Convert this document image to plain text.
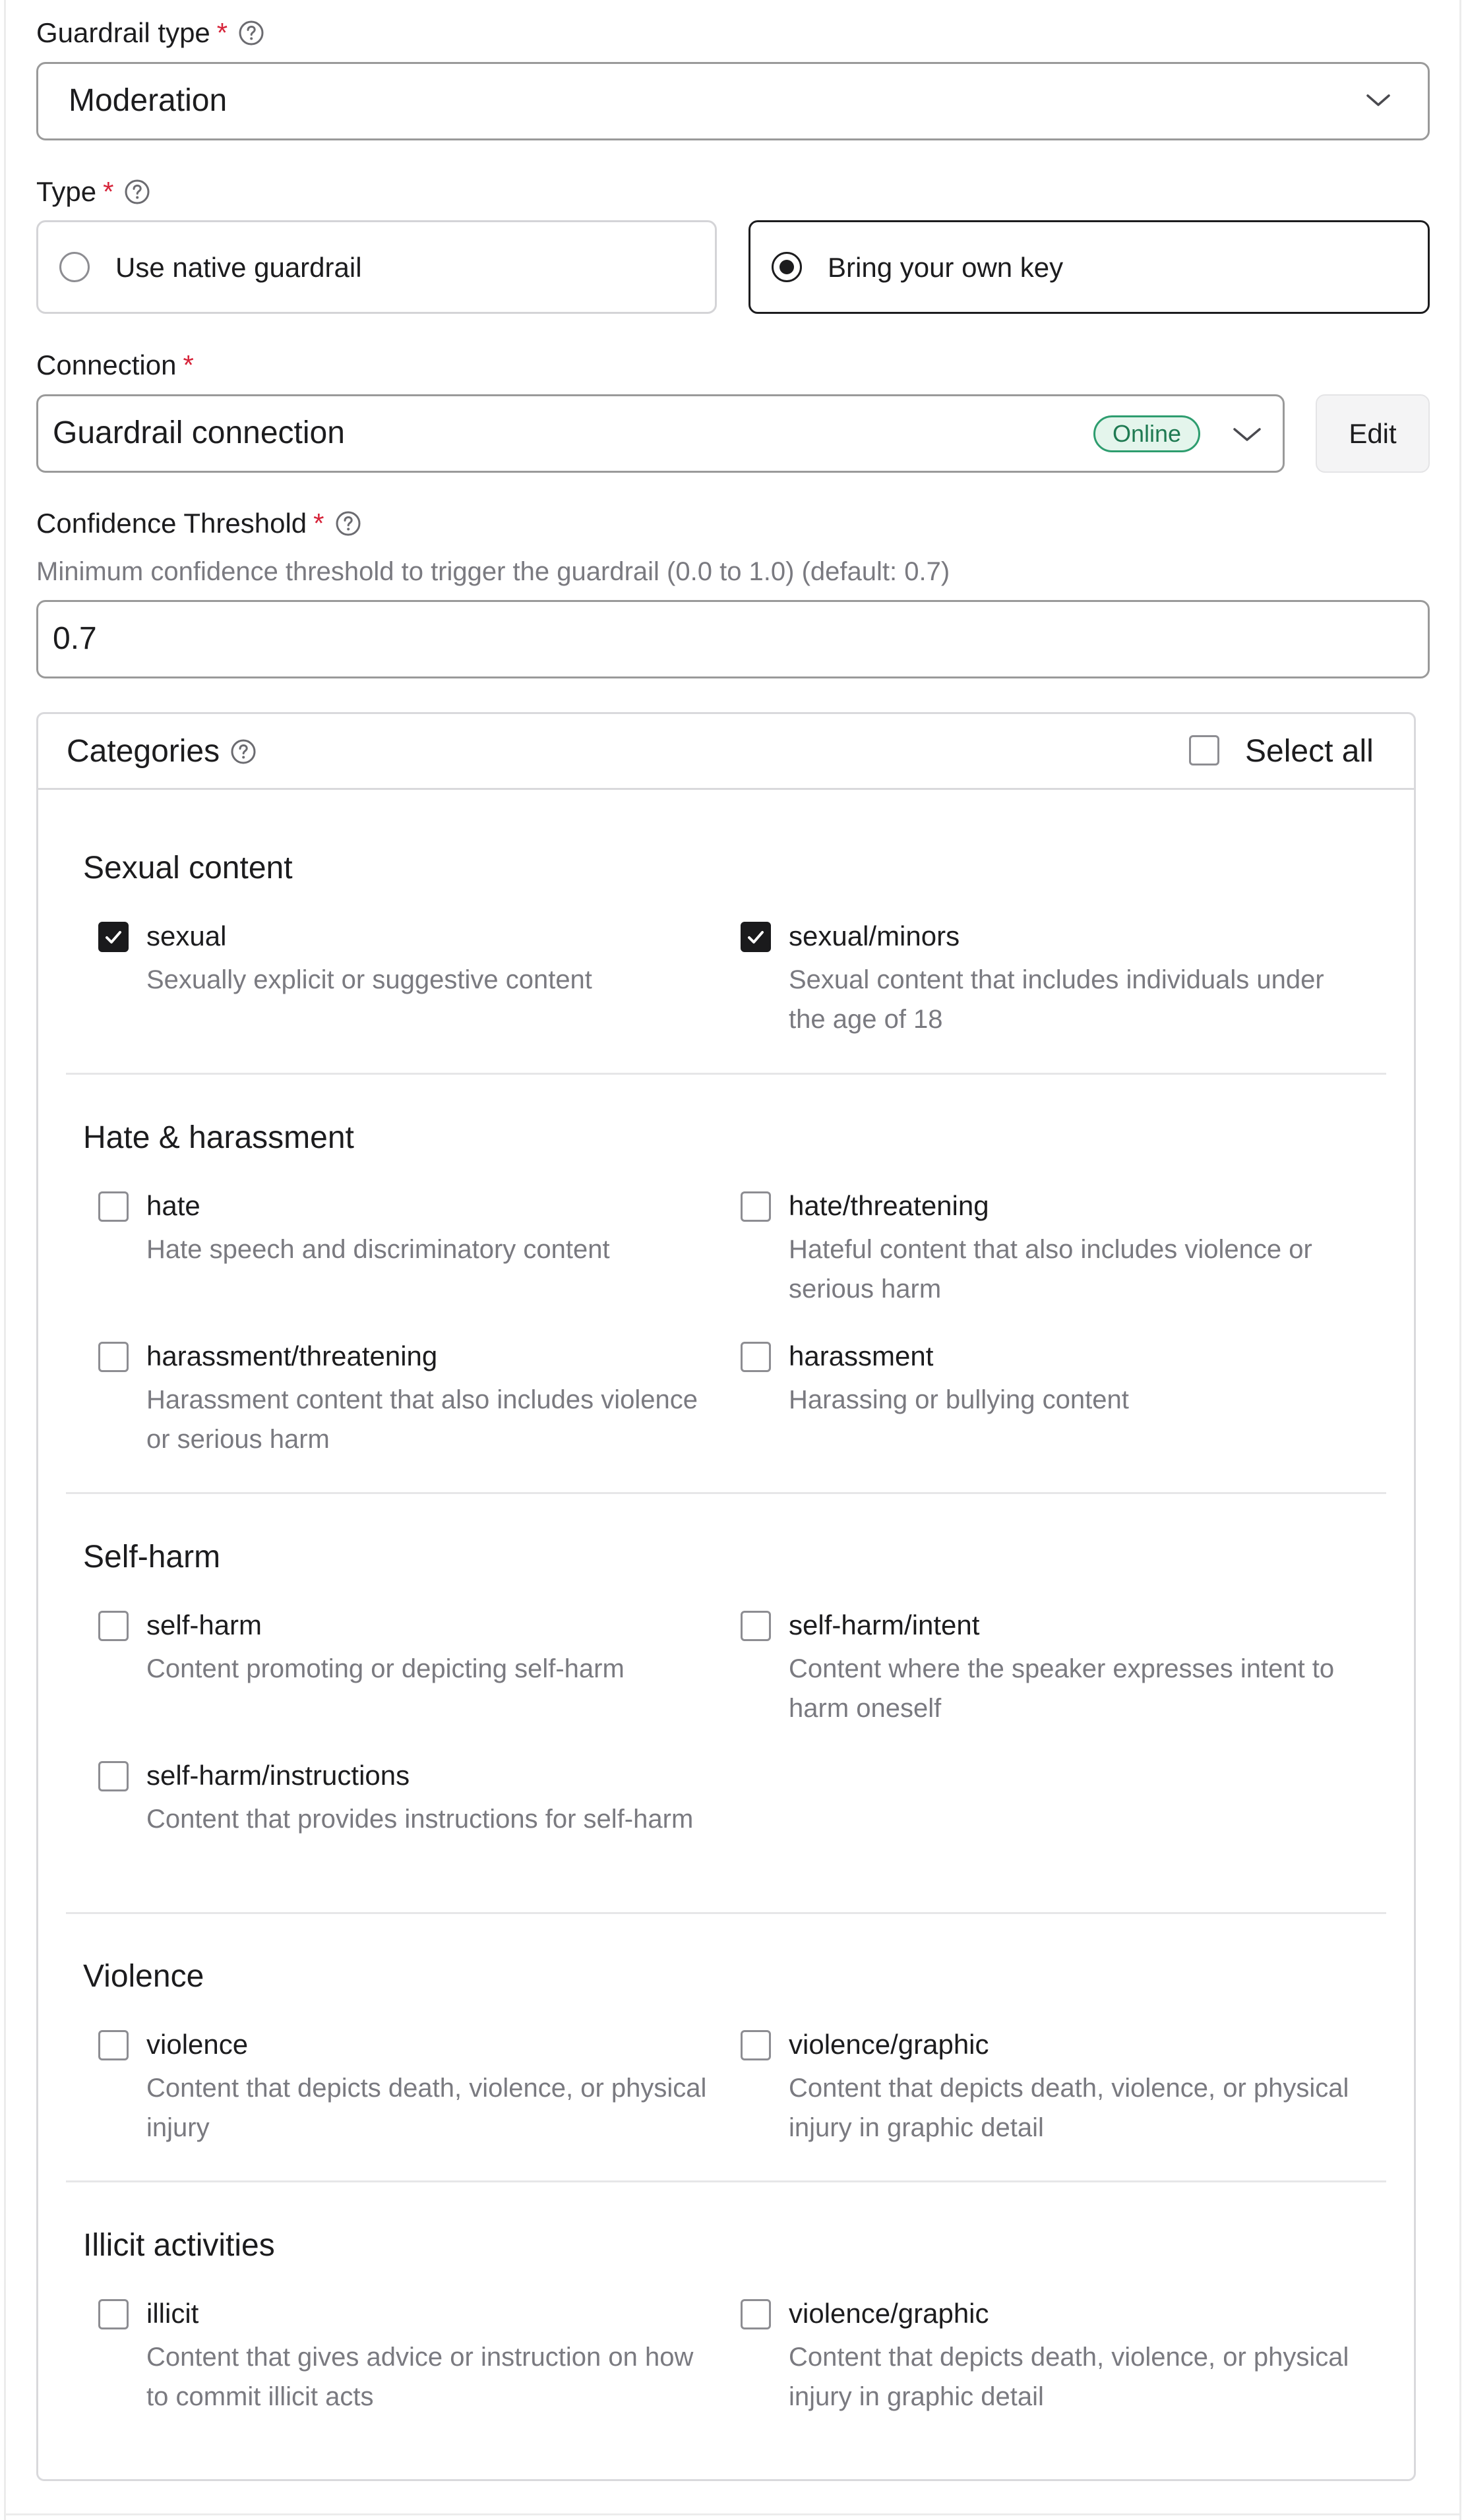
Guardrail type *
Moderation
Type *
Use native guardrail	Bring your own key
Connection *
Guardrail connection	Online	Edit
Confidence Threshold *
Minimum confidence threshold to trigger the guardrail (0.0 to 1.0) (default: 0.7)
0.7
Categories	Select all
Sexual content
sexual
Sexually explicit or suggestive content
sexual/minors
Sexual content that includes individuals under the age of 18
Hate & harassment
hate
Hate speech and discriminatory content
hate/threatening
Hateful content that also includes violence or serious harm
harassment/threatening
Harassment content that also includes violence or serious harm
harassment
Harassing or bullying content
Self-harm
self-harm
Content promoting or depicting self-harm
self-harm/intent
Content where the speaker expresses intent to harm oneself
self-harm/instructions
Content that provides instructions for self-harm
Violence
violence
Content that depicts death, violence, or physical injury
violence/graphic
Content that depicts death, violence, or physical injury in graphic detail
Illicit activities
illicit
Content that gives advice or instruction on how to commit illicit acts
violence/graphic
Content that depicts death, violence, or physical injury in graphic detail
